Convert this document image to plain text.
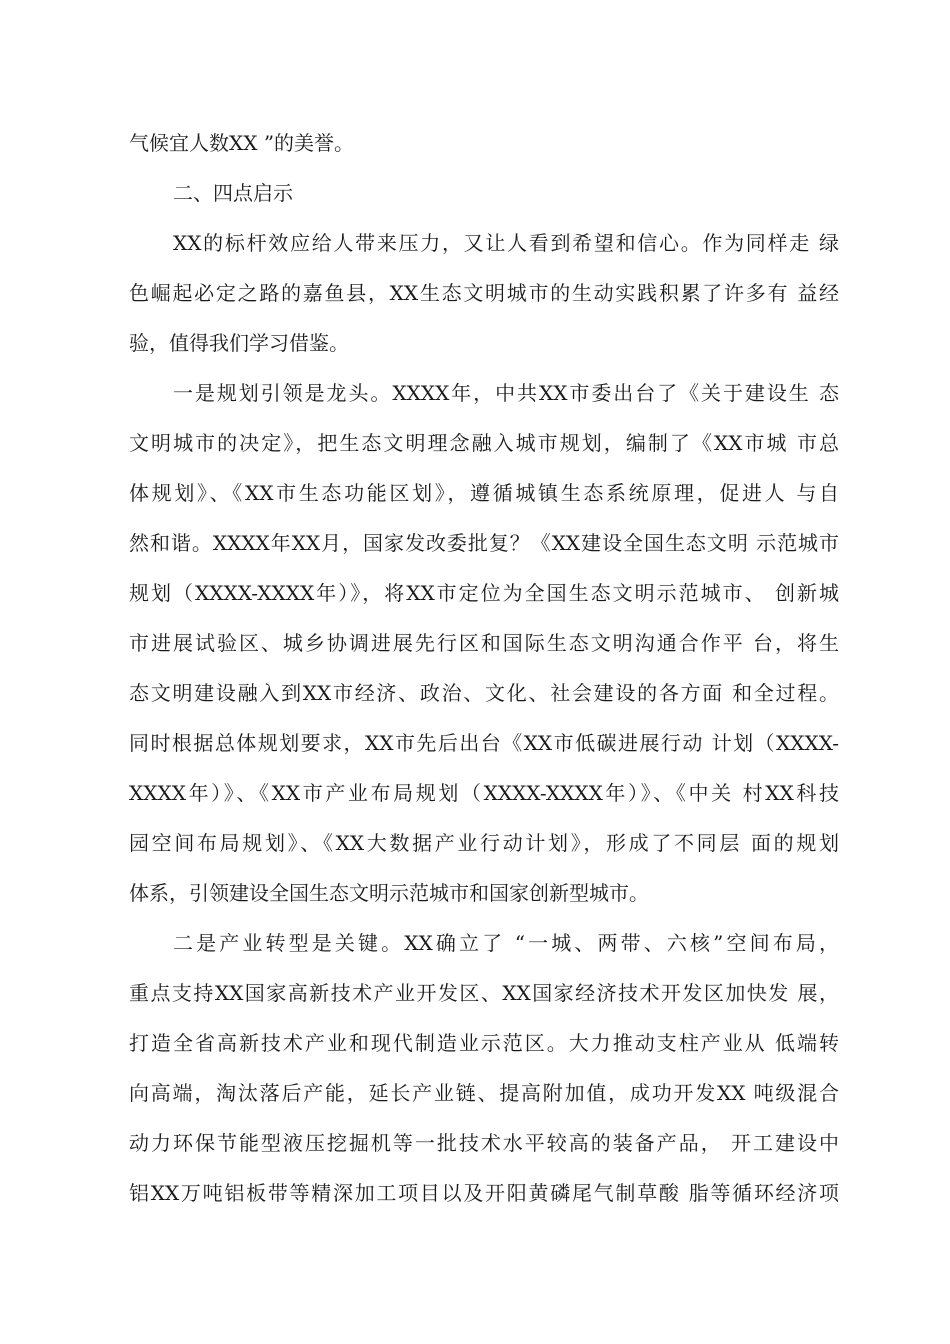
气候宜人数XX ”的美誉。
二、四点启示
XX的标杆效应给人带来压力，又让人看到希望和信心。作为同样走 绿
色崛起必定之路的嘉鱼县，XX生态文明城市的生动实践积累了许多有 益经
验，值得我们学习借鉴。
一是规划引领是龙头。XXXX年，中共XX市委出台了《关于建设生 态
文明城市的决定》，把生态文明理念融入城市规划，编制了《XX市城 市总
体规划》、《XX市生态功能区划》，遵循城镇生态系统原理，促进人 与自
然和谐。XXXX年XX月，国家发改委批复？《XX建设全国生态文明 示范城市
规划（XXXX-XXXX年）》，将XX市定位为全国生态文明示范城市、 创新城
市进展试验区、城乡协调进展先行区和国际生态文明沟通合作平 台，将生
态文明建设融入到XX市经济、政治、文化、社会建设的各方面 和全过程。
同时根据总体规划要求，XX市先后出台《XX市低碳进展行动 计划（XXXX-
XXXX年）》、《XX市产业布局规划（XXXX-XXXX年）》、《中关 村XX科技
园空间布局规划》、《XX大数据产业行动计划》，形成了不同层 面的规划
体系，引领建设全国生态文明示范城市和国家创新型城市。
二是产业转型是关键。XX确立了 “一城、两带、六核”空间布局，
重点支持XX国家高新技术产业开发区、XX国家经济技术开发区加快发 展，
打造全省高新技术产业和现代制造业示范区。大力推动支柱产业从 低端转
向高端，淘汰落后产能，延长产业链、提高附加值，成功开发XX 吨级混合
动力环保节能型液压挖掘机等一批技术水平较高的装备产品， 开工建设中
铝XX万吨铝板带等精深加工项目以及开阳黄磷尾气制草酸 脂等循环经济项
